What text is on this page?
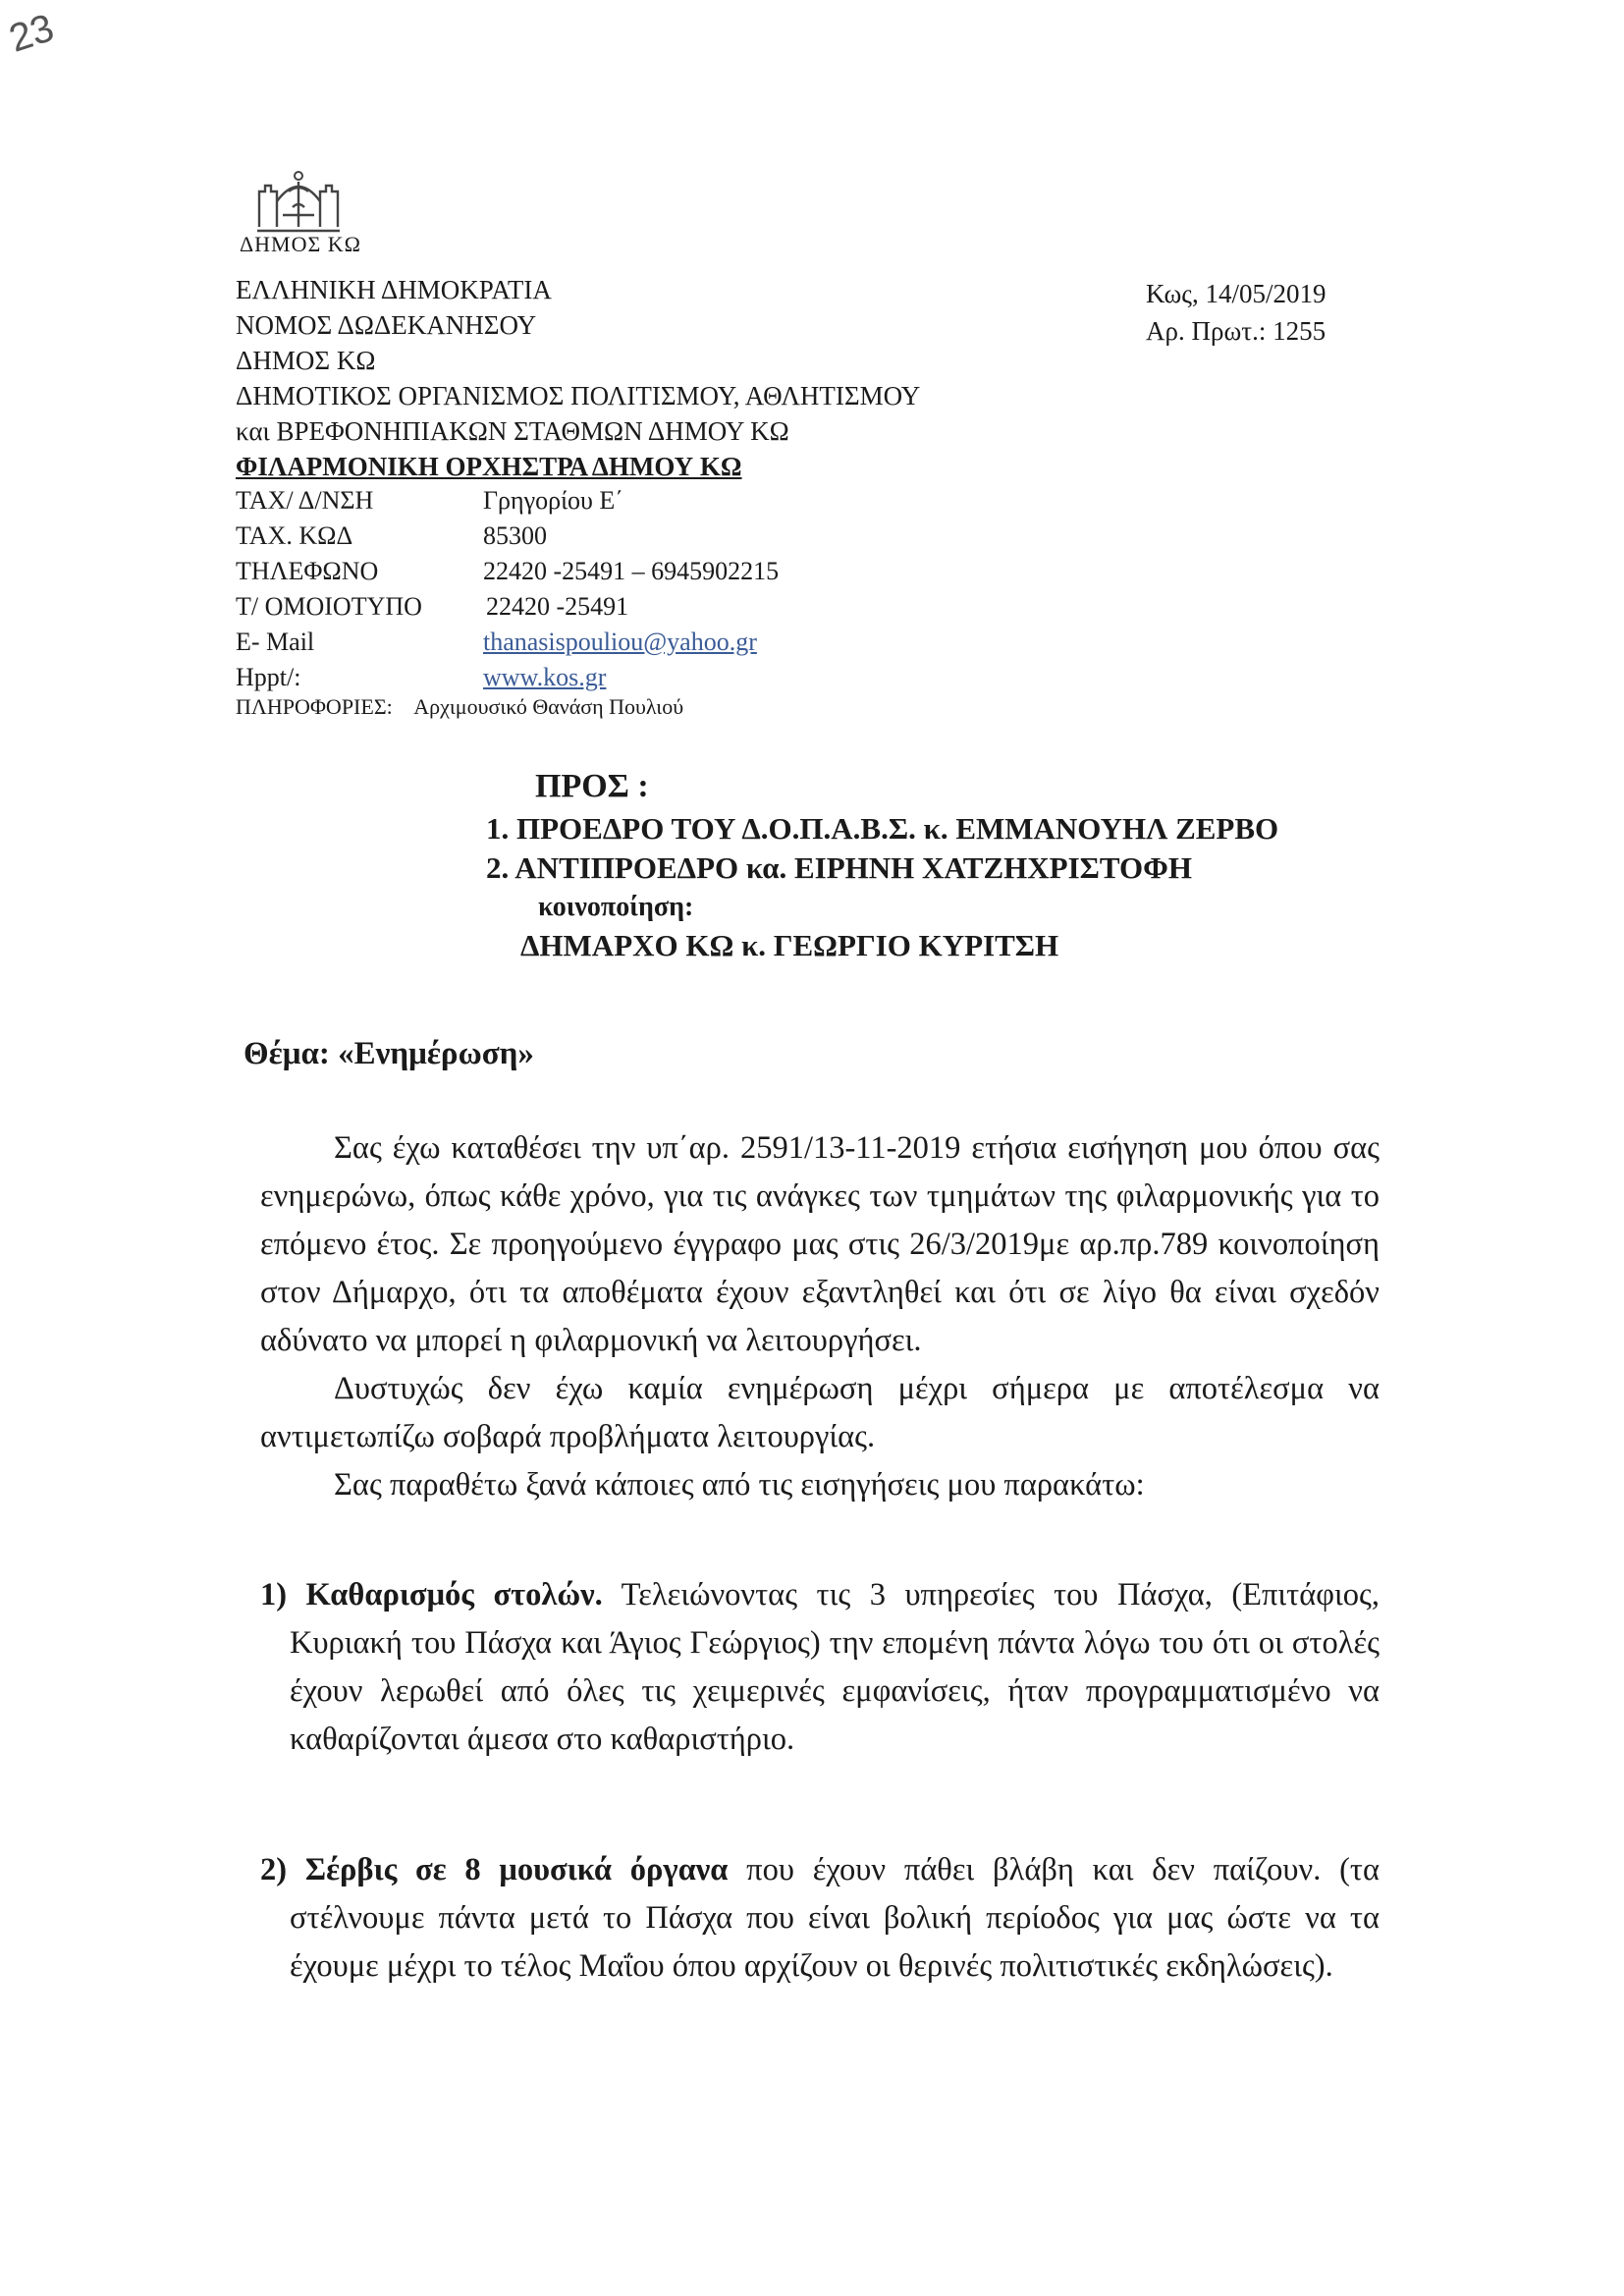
23
ΔΗΜΟΣ ΚΩ
ΕΛΛΗΝΙΚΗ ΔΗΜΟΚΡΑΤΙΑ
ΝΟΜΟΣ ΔΩΔΕΚΑΝΗΣΟΥ
ΔΗΜΟΣ ΚΩ
ΔΗΜΟΤΙΚΟΣ ΟΡΓΑΝΙΣΜΟΣ ΠΟΛΙΤΙΣΜΟΥ, ΑΘΛΗΤΙΣΜΟΥ
και ΒΡΕΦΟΝΗΠΙΑΚΩΝ ΣΤΑΘΜΩΝ ΔΗΜΟΥ ΚΩ
ΦΙΛΑΡΜΟΝΙΚΗ ΟΡΧΗΣΤΡΑ ΔΗΜΟΥ ΚΩ
ΤΑΧ/ Δ/ΝΣΗ	Γρηγορίου Ε΄
ΤΑΧ. ΚΩΔ	85300
ΤΗΛΕΦΩΝΟ	22420 -25491 – 6945902215
Τ/ ΟΜΟΙΟΤΥΠΟ	22420 -25491
E- Mail	thanasispouliou@yahoo.gr
Hppt/:	www.kos.gr
ΠΛΗΡΟΦΟΡΙΕΣ: Αρχιμουσικό Θανάση Πουλιού
Κως, 14/05/2019
Αρ. Πρωτ.: 1255
ΠΡΟΣ :
1. ΠΡΟΕΔΡΟ ΤΟΥ Δ.Ο.Π.Α.Β.Σ. κ. ΕΜΜΑΝΟΥΗΛ ΖΕΡΒΟ
2. ΑΝΤΙΠΡΟΕΔΡΟ κα. ΕΙΡΗΝΗ ΧΑΤΖΗΧΡΙΣΤΟΦΗ
κοινοποίηση:
ΔΗΜΑΡΧΟ ΚΩ κ. ΓΕΩΡΓΙΟ ΚΥΡΙΤΣΗ
Θέμα: «Ενημέρωση»

Σας έχω καταθέσει την υπ΄αρ. 2591/13-11-2019 ετήσια εισήγηση μου όπου σας ενημερώνω, όπως κάθε χρόνο, για τις ανάγκες των τμημάτων της φιλαρμονικής για το επόμενο έτος. Σε προηγούμενο έγγραφο μας στις 26/3/2019με αρ.πρ.789 κοινοποίηση στον Δήμαρχο, ότι τα αποθέματα έχουν εξαντληθεί και ότι σε λίγο θα είναι σχεδόν αδύνατο να μπορεί η φιλαρμονική να λειτουργήσει.

Δυστυχώς δεν έχω καμία ενημέρωση μέχρι σήμερα με αποτέλεσμα να αντιμετωπίζω σοβαρά προβλήματα λειτουργίας.

Σας παραθέτω ξανά κάποιες από τις εισηγήσεις μου παρακάτω:

1) Καθαρισμός στολών. Τελειώνοντας τις 3 υπηρεσίες του Πάσχα, (Επιτάφιος, Κυριακή του Πάσχα και Άγιος Γεώργιος) την επομένη πάντα λόγω του ότι οι στολές έχουν λερωθεί από όλες τις χειμερινές εμφανίσεις, ήταν προγραμματισμένο να καθαρίζονται άμεσα στο καθαριστήριο.

2) Σέρβις σε 8 μουσικά όργανα που έχουν πάθει βλάβη και δεν παίζουν. (τα στέλνουμε πάντα μετά το Πάσχα που είναι βολική περίοδος για μας ώστε να τα έχουμε μέχρι το τέλος Μαΐου όπου αρχίζουν οι θερινές πολιτιστικές εκδηλώσεις).
